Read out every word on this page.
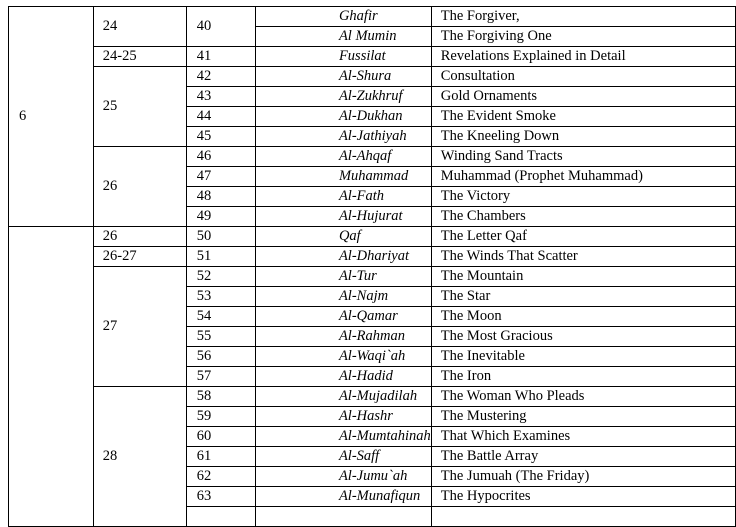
6	24	40	Ghafir	The Forgiver,
			Al Mumin	The Forgiving One
	24-25	41	Fussilat	Revelations Explained in Detail
	25	42	Al-Shura	Consultation
		43	Al-Zukhruf	Gold Ornaments
		44	Al-Dukhan	The Evident Smoke
		45	Al-Jathiyah	The Kneeling Down
	26	46	Al-Ahqaf	Winding Sand Tracts
		47	Muhammad	Muhammad (Prophet Muhammad)
		48	Al-Fath	The Victory
		49	Al-Hujurat	The Chambers
	26	50	Qaf	The Letter Qaf
	26-27	51	Al-Dhariyat	The Winds That Scatter
	27	52	Al-Tur	The Mountain
		53	Al-Najm	The Star
		54	Al-Qamar	The Moon
		55	Al-Rahman	The Most Gracious
		56	Al-Waqi`ah	The Inevitable
		57	Al-Hadid	The Iron
	28	58	Al-Mujadilah	The Woman Who Pleads
		59	Al-Hashr	The Mustering
		60	Al-Mumtahinah	That Which Examines
		61	Al-Saff	The Battle Array
		62	Al-Jumu`ah	The Jumuah (The Friday)
		63	Al-Munafiqun	The Hypocrites
